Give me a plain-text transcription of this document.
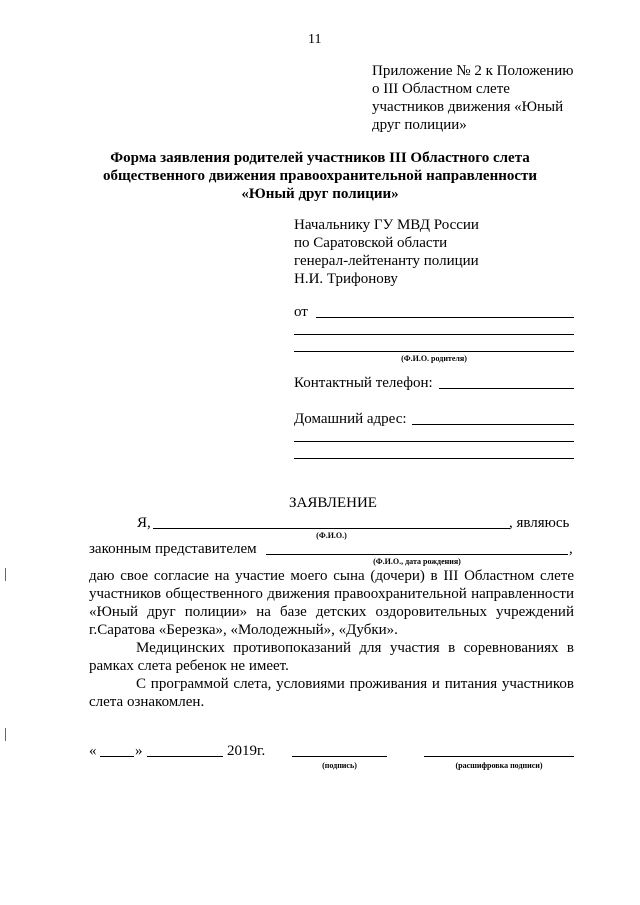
11
Приложение № 2 к Положению
о III Областном слете
участников движения «Юный
друг полиции»
Форма заявления родителей участников III Областного слета
общественного движения правоохранительной направленности
«Юный друг полиции»
Начальнику ГУ МВД России
по Саратовской области
генерал-лейтенанту полиции
Н.И. Трифонову
от
(Ф.И.О. родителя)
Контактный телефон:
Домашний адрес:
ЗАЯВЛЕНИЕ
Я,	, являюсь
(Ф.И.О.)
законным представителем	,
(Ф.И.О., дата рождения)
даю свое согласие на участие моего сына (дочери) в III Областном слете
участников общественного движения правоохранительной направленности
«Юный друг полиции» на базе детских оздоровительных учреждений
г.Саратова «Березка», «Молодежный», «Дубки».
Медицинских противопоказаний для участия в соревнованиях в
рамках слета ребенок не имеет.
С программой слета, условиями проживания и питания участников
слета ознакомлен.
«	»	2019г.
(подпись)	(расшифровка подписи)
